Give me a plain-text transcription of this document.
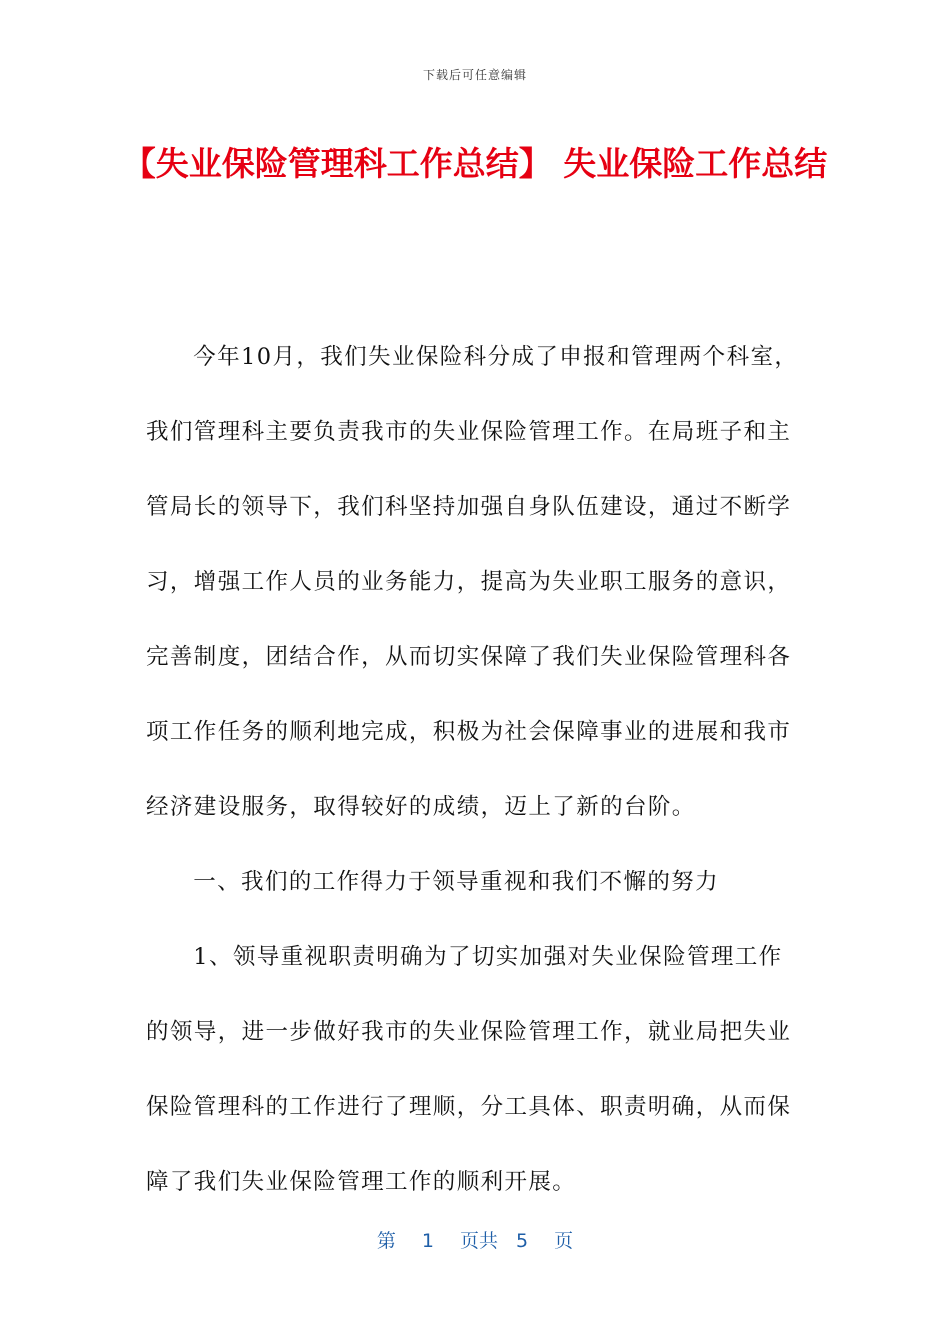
下载后可任意编辑
【失业保险管理科工作总结】 失业保险工作总结

今年10月，我们失业保险科分成了申报和管理两个科室，我们管理科主要负责我市的失业保险管理工作。在局班子和主管局长的领导下，我们科坚持加强自身队伍建设，通过不断学习，增强工作人员的业务能力，提高为失业职工服务的意识，完善制度，团结合作，从而切实保障了我们失业保险管理科各项工作任务的顺利地完成，积极为社会保障事业的进展和我市经济建设服务，取得较好的成绩，迈上了新的台阶。

一、我们的工作得力于领导重视和我们不懈的努力

1、领导重视职责明确为了切实加强对失业保险管理工作的领导，进一步做好我市的失业保险管理工作，就业局把失业保险管理科的工作进行了理顺，分工具体、职责明确，从而保障了我们失业保险管理工作的顺利开展。

第 1 页共 5 页
